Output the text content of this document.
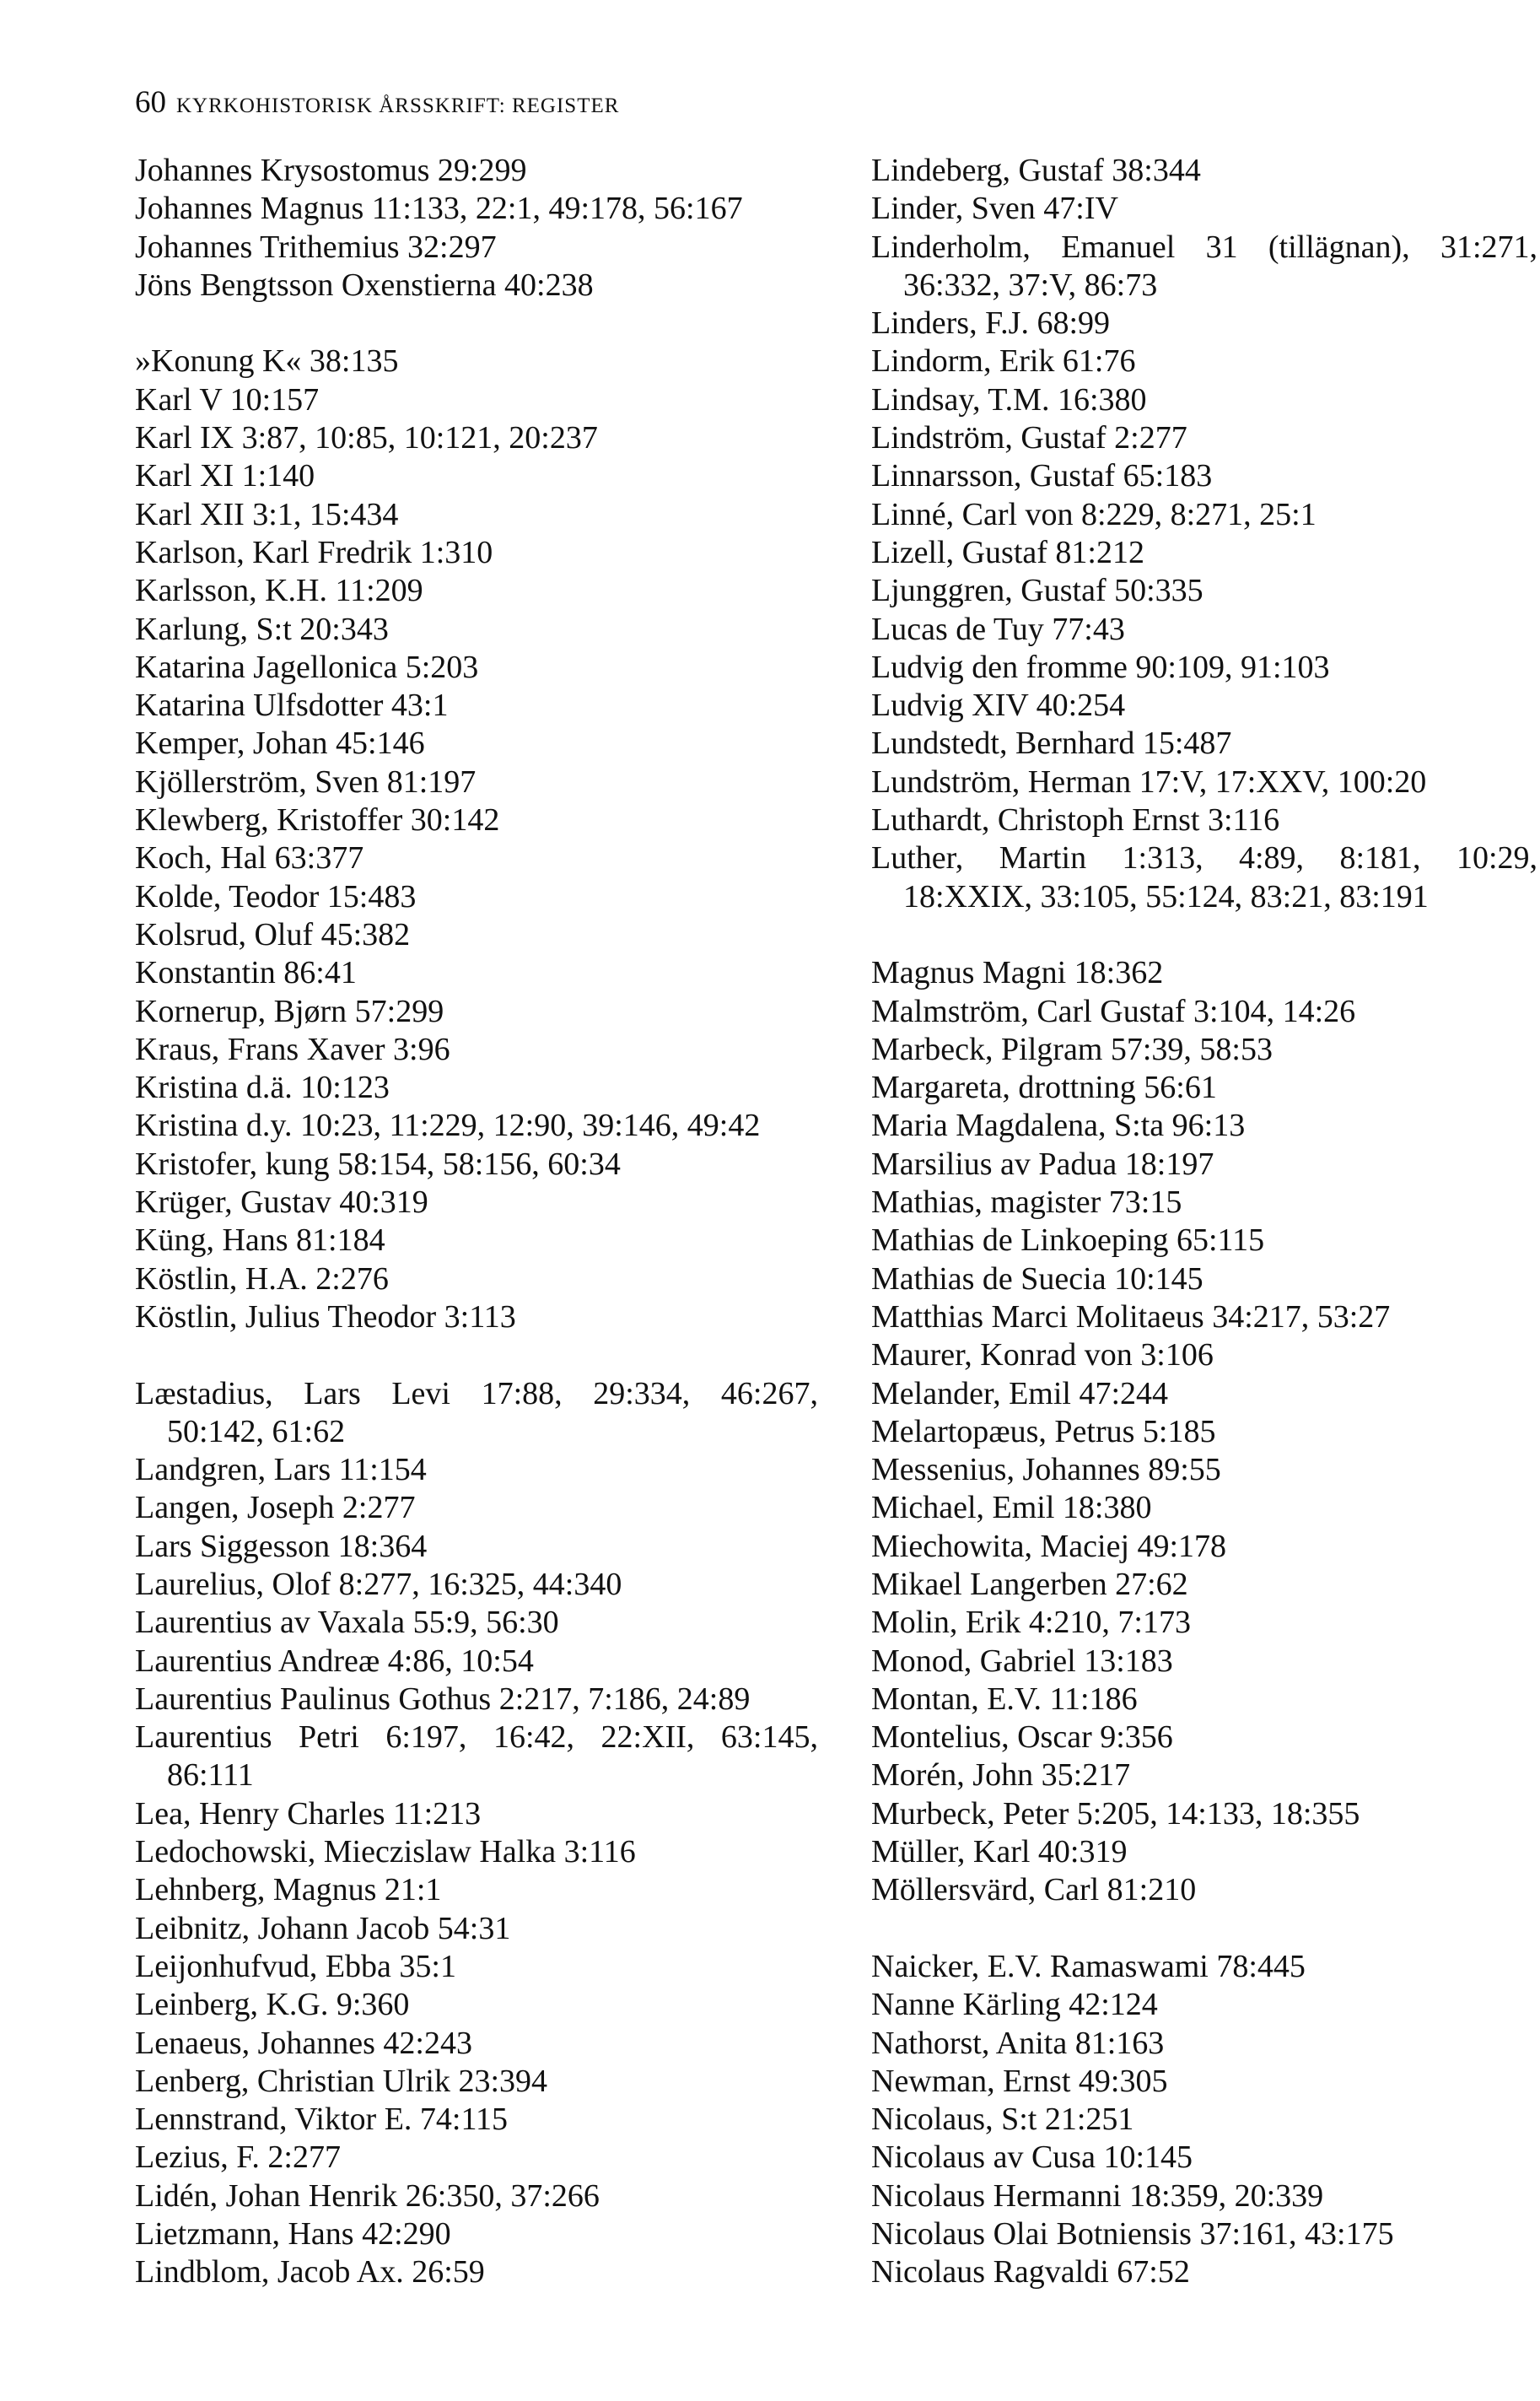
60 KYRKOHISTORISK ÅRSSKRIFT: REGISTER
Johannes Krysostomus 29:299
Johannes Magnus 11:133, 22:1, 49:178, 56:167
Johannes Trithemius 32:297
Jöns Bengtsson Oxenstierna 40:238
»Konung K« 38:135
Karl V 10:157
Karl IX 3:87, 10:85, 10:121, 20:237
Karl XI 1:140
Karl XII 3:1, 15:434
Karlson, Karl Fredrik 1:310
Karlsson, K.H. 11:209
Karlung, S:t 20:343
Katarina Jagellonica 5:203
Katarina Ulfsdotter 43:1
Kemper, Johan 45:146
Kjöllerström, Sven 81:197
Klewberg, Kristoffer 30:142
Koch, Hal 63:377
Kolde, Teodor 15:483
Kolsrud, Oluf 45:382
Konstantin 86:41
Kornerup, Bjørn 57:299
Kraus, Frans Xaver 3:96
Kristina d.ä. 10:123
Kristina d.y. 10:23, 11:229, 12:90, 39:146, 49:42
Kristofer, kung 58:154, 58:156, 60:34
Krüger, Gustav 40:319
Küng, Hans 81:184
Köstlin, H.A. 2:276
Köstlin, Julius Theodor 3:113
Læstadius, Lars Levi 17:88, 29:334, 46:267,
50:142, 61:62
Landgren, Lars 11:154
Langen, Joseph 2:277
Lars Siggesson 18:364
Laurelius, Olof 8:277, 16:325, 44:340
Laurentius av Vaxala 55:9, 56:30
Laurentius Andreæ 4:86, 10:54
Laurentius Paulinus Gothus 2:217, 7:186, 24:89
Laurentius Petri 6:197, 16:42, 22:XII, 63:145,
86:111
Lea, Henry Charles 11:213
Ledochowski, Mieczislaw Halka 3:116
Lehnberg, Magnus 21:1
Leibnitz, Johann Jacob 54:31
Leijonhufvud, Ebba 35:1
Leinberg, K.G. 9:360
Lenaeus, Johannes 42:243
Lenberg, Christian Ulrik 23:394
Lennstrand, Viktor E. 74:115
Lezius, F. 2:277
Lidén, Johan Henrik 26:350, 37:266
Lietzmann, Hans 42:290
Lindblom, Jacob Ax. 26:59
Lindeberg, Gustaf 38:344
Linder, Sven 47:IV
Linderholm, Emanuel 31 (tillägnan), 31:271,
36:332, 37:V, 86:73
Linders, F.J. 68:99
Lindorm, Erik 61:76
Lindsay, T.M. 16:380
Lindström, Gustaf 2:277
Linnarsson, Gustaf 65:183
Linné, Carl von 8:229, 8:271, 25:1
Lizell, Gustaf 81:212
Ljunggren, Gustaf 50:335
Lucas de Tuy 77:43
Ludvig den fromme 90:109, 91:103
Ludvig XIV 40:254
Lundstedt, Bernhard 15:487
Lundström, Herman 17:V, 17:XXV, 100:20
Luthardt, Christoph Ernst 3:116
Luther, Martin 1:313, 4:89, 8:181, 10:29,
18:XXIX, 33:105, 55:124, 83:21, 83:191
Magnus Magni 18:362
Malmström, Carl Gustaf 3:104, 14:26
Marbeck, Pilgram 57:39, 58:53
Margareta, drottning 56:61
Maria Magdalena, S:ta 96:13
Marsilius av Padua 18:197
Mathias, magister 73:15
Mathias de Linkoeping 65:115
Mathias de Suecia 10:145
Matthias Marci Molitaeus 34:217, 53:27
Maurer, Konrad von 3:106
Melander, Emil 47:244
Melartopæus, Petrus 5:185
Messenius, Johannes 89:55
Michael, Emil 18:380
Miechowita, Maciej 49:178
Mikael Langerben 27:62
Molin, Erik 4:210, 7:173
Monod, Gabriel 13:183
Montan, E.V. 11:186
Montelius, Oscar 9:356
Morén, John 35:217
Murbeck, Peter 5:205, 14:133, 18:355
Müller, Karl 40:319
Möllersvärd, Carl 81:210
Naicker, E.V. Ramaswami 78:445
Nanne Kärling 42:124
Nathorst, Anita 81:163
Newman, Ernst 49:305
Nicolaus, S:t 21:251
Nicolaus av Cusa 10:145
Nicolaus Hermanni 18:359, 20:339
Nicolaus Olai Botniensis 37:161, 43:175
Nicolaus Ragvaldi 67:52
